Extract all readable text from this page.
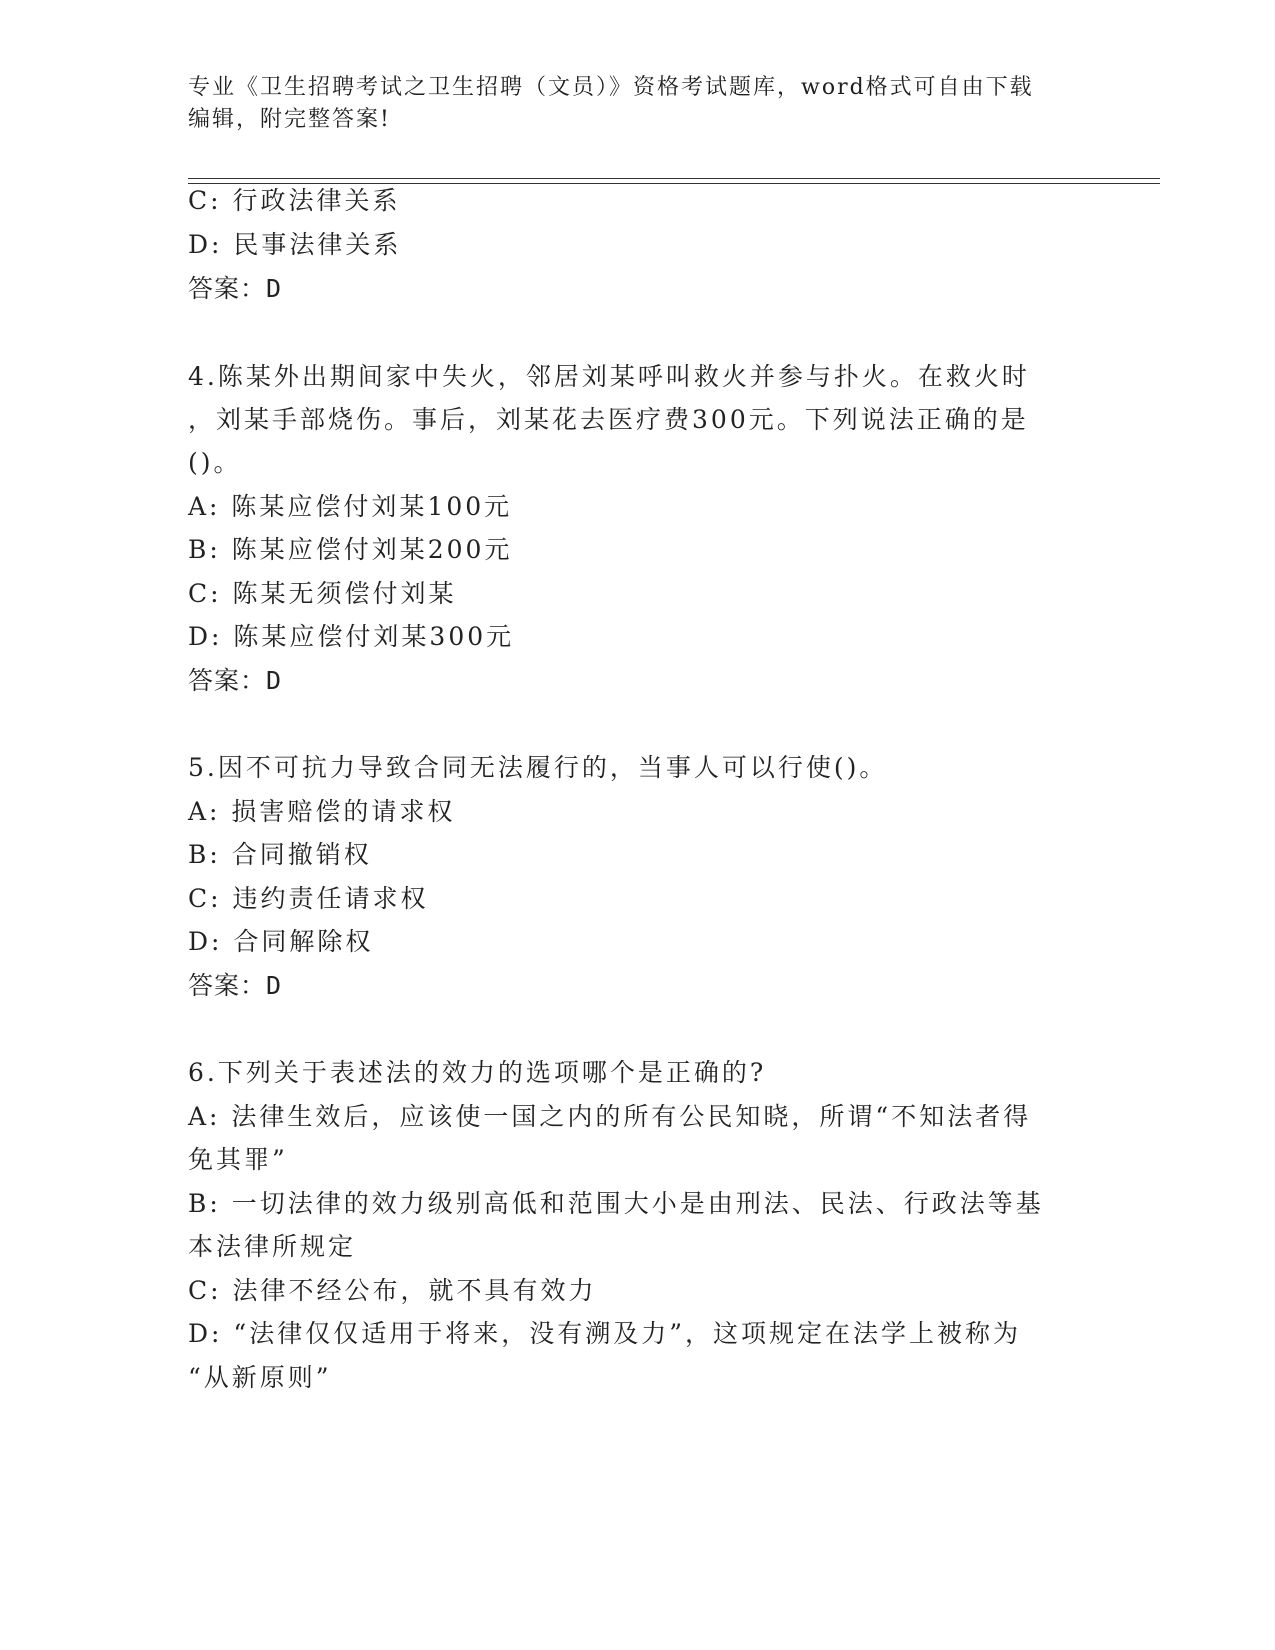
专业《卫生招聘考试之卫生招聘（文员）》资格考试题库，word格式可自由下载
编辑，附完整答案!
C: 行政法律关系
D: 民事法律关系
答案：D
4.陈某外出期间家中失火，邻居刘某呼叫救火并参与扑火。在救火时
，刘某手部烧伤。事后，刘某花去医疗费300元。下列说法正确的是
()。
A: 陈某应偿付刘某100元
B: 陈某应偿付刘某200元
C: 陈某无须偿付刘某
D: 陈某应偿付刘某300元
答案：D
5.因不可抗力导致合同无法履行的，当事人可以行使()。
A: 损害赔偿的请求权
B: 合同撤销权
C: 违约责任请求权
D: 合同解除权
答案：D
6.下列关于表述法的效力的选项哪个是正确的?
A: 法律生效后，应该使一国之内的所有公民知晓，所谓“不知法者得
免其罪”
B: 一切法律的效力级别高低和范围大小是由刑法、民法、行政法等基
本法律所规定
C: 法律不经公布，就不具有效力
D: “法律仅仅适用于将来，没有溯及力”，这项规定在法学上被称为
“从新原则”
